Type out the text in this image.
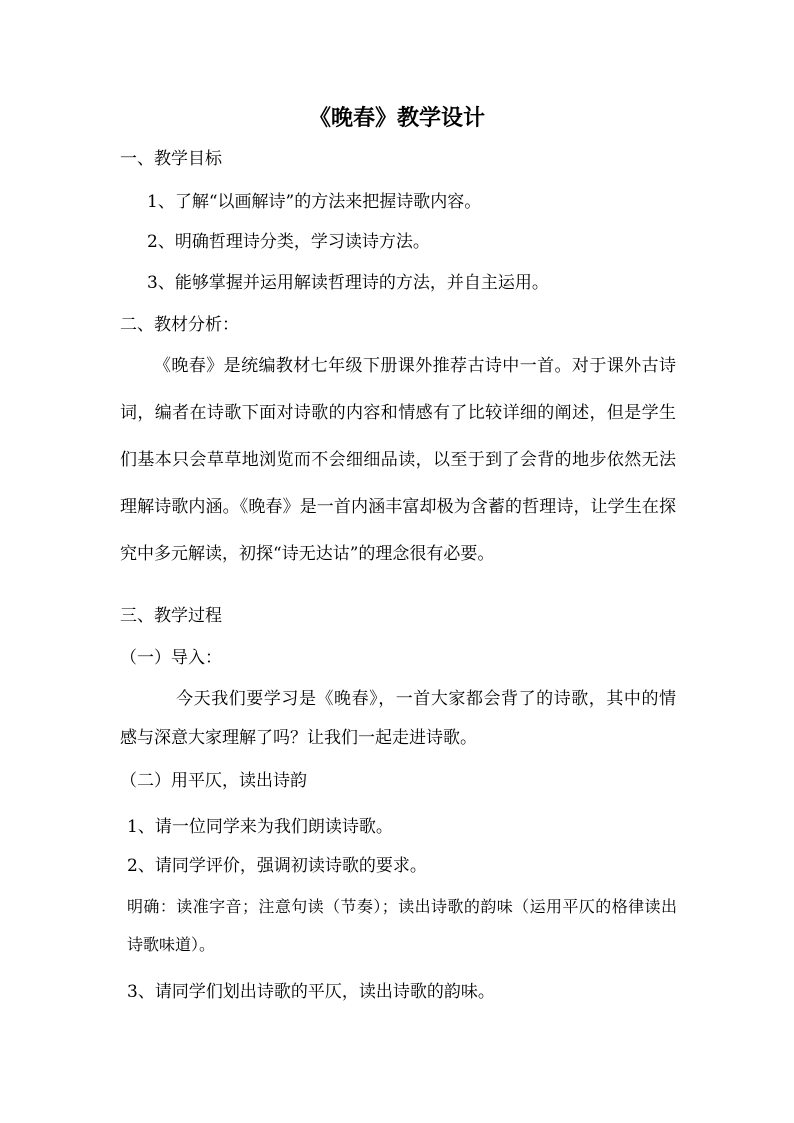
《晚春》教学设计
一、教学目标
1、了解“以画解诗”的方法来把握诗歌内容。
2、明确哲理诗分类，学习读诗方法。
3、能够掌握并运用解读哲理诗的方法，并自主运用。
二、教材分析：
《晚春》是统编教材七年级下册课外推荐古诗中一首。对于课外古诗词，编者在诗歌下面对诗歌的内容和情感有了比较详细的阐述，但是学生们基本只会草草地浏览而不会细细品读，以至于到了会背的地步依然无法理解诗歌内涵。《晚春》是一首内涵丰富却极为含蓄的哲理诗，让学生在探究中多元解读，初探“诗无达诂”的理念很有必要。
三、教学过程
（一）导入：
今天我们要学习是《晚春》，一首大家都会背了的诗歌，其中的情感与深意大家理解了吗？让我们一起走进诗歌。
（二）用平仄，读出诗韵
1、请一位同学来为我们朗读诗歌。
2、请同学评价，强调初读诗歌的要求。
明确：读准字音；注意句读（节奏）；读出诗歌的韵味（运用平仄的格律读出诗歌味道）。
3、请同学们划出诗歌的平仄，读出诗歌的韵味。
